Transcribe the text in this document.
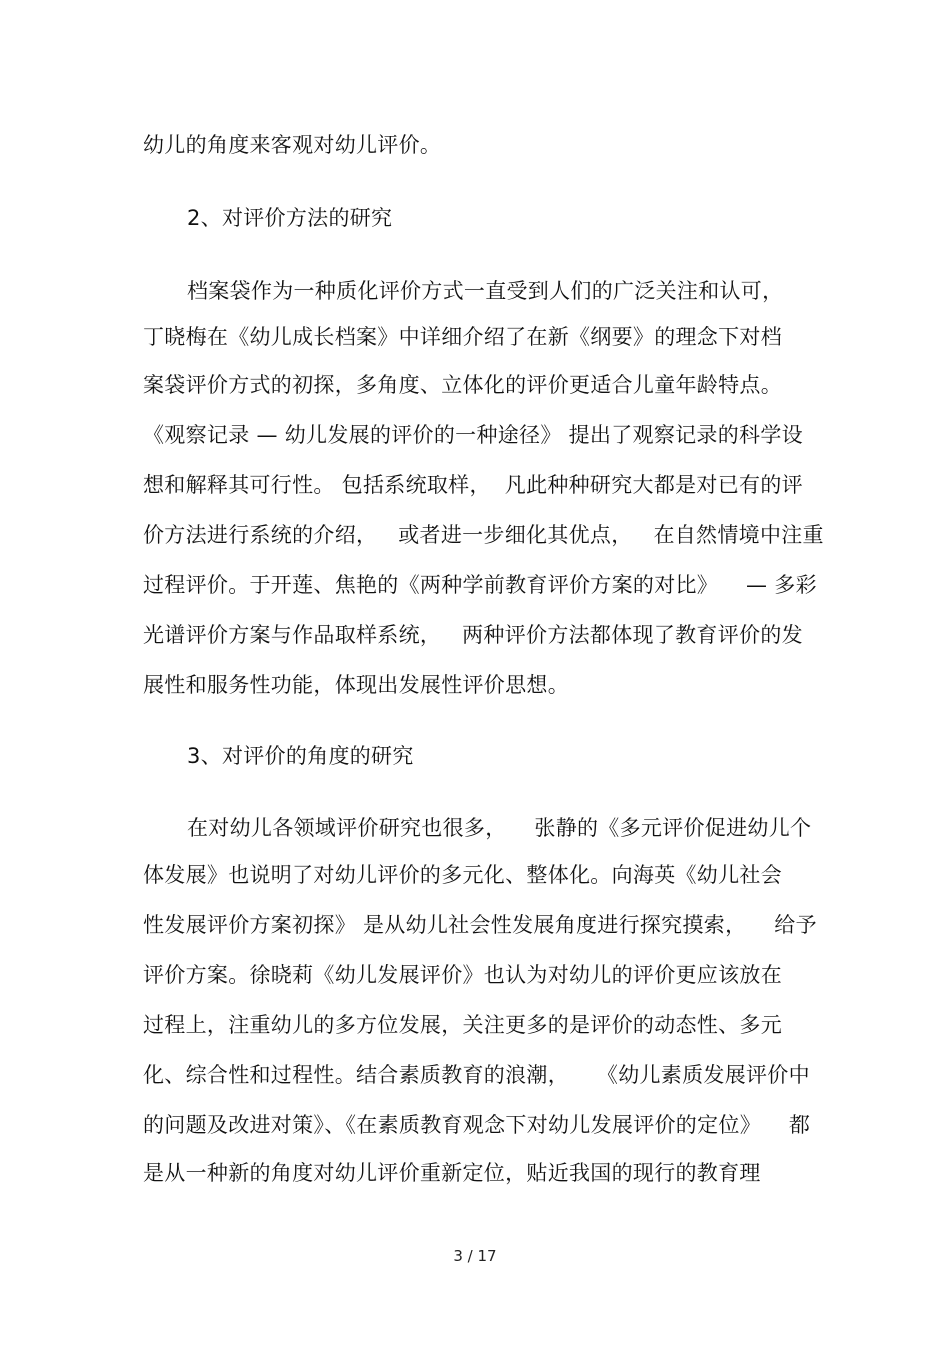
幼儿的角度来客观对幼儿评价。
2、对评价方法的研究
档案袋作为一种质化评价方式一直受到人们的广泛关注和认可，
丁晓梅在《幼儿成长档案》中详细介绍了在新《纲要》的理念下对档
案袋评价方式的初探，多角度、立体化的评价更适合儿童年龄特点。
《观察记录 — 幼儿发展的评价的一种途径》 提出了观察记录的科学设
想和解释其可行性。 包括系统取样，  凡此种种研究大都是对已有的评
价方法进行系统的介绍，   或者进一步细化其优点，   在自然情境中注重
过程评价。于开莲、焦艳的《两种学前教育评价方案的对比》    — 多彩
光谱评价方案与作品取样系统，   两种评价方法都体现了教育评价的发
展性和服务性功能，体现出发展性评价思想。
3、对评价的角度的研究
在对幼儿各领域评价研究也很多，    张静的《多元评价促进幼儿个
体发展》也说明了对幼儿评价的多元化、整体化。向海英《幼儿社会
性发展评价方案初探》 是从幼儿社会性发展角度进行探究摸索，    给予
评价方案。徐晓莉《幼儿发展评价》也认为对幼儿的评价更应该放在
过程上，注重幼儿的多方位发展，关注更多的是评价的动态性、多元
化、综合性和过程性。结合素质教育的浪潮，    《幼儿素质发展评价中
的问题及改进对策》、《在素质教育观念下对幼儿发展评价的定位》    都
是从一种新的角度对幼儿评价重新定位，贴近我国的现行的教育理
3 / 17
